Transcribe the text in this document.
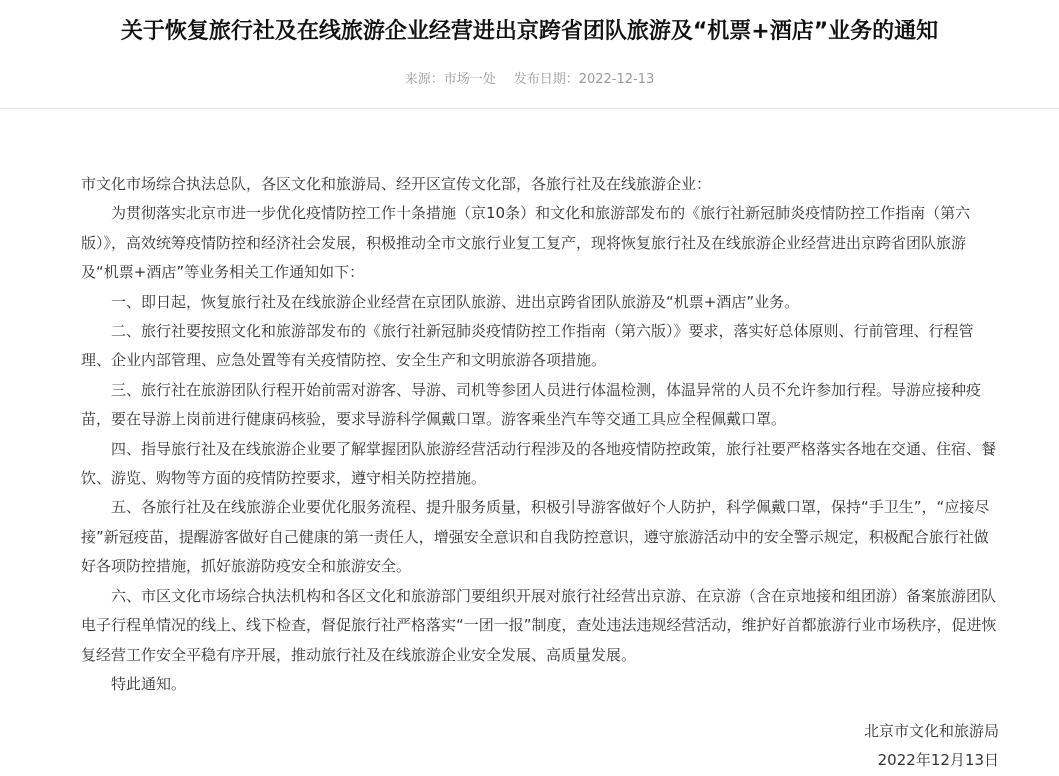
关于恢复旅行社及在线旅游企业经营进出京跨省团队旅游及“机票+酒店”业务的通知
来源：市场一处 发布日期：2022-12-13

市文化市场综合执法总队，各区文化和旅游局、经开区宣传文化部，各旅行社及在线旅游企业：

为贯彻落实北京市进一步优化疫情防控工作十条措施（京10条）和文化和旅游部发布的《旅行社新冠肺炎疫情防控工作指南（第六版）》，高效统筹疫情防控和经济社会发展，积极推动全市文旅行业复工复产，现将恢复旅行社及在线旅游企业经营进出京跨省团队旅游及“机票+酒店”等业务相关工作通知如下：

一、即日起，恢复旅行社及在线旅游企业经营在京团队旅游、进出京跨省团队旅游及“机票+酒店”业务。

二、旅行社要按照文化和旅游部发布的《旅行社新冠肺炎疫情防控工作指南（第六版）》要求，落实好总体原则、行前管理、行程管理、企业内部管理、应急处置等有关疫情防控、安全生产和文明旅游各项措施。

三、旅行社在旅游团队行程开始前需对游客、导游、司机等参团人员进行体温检测，体温异常的人员不允许参加行程。导游应接种疫苗，要在导游上岗前进行健康码核验，要求导游科学佩戴口罩。游客乘坐汽车等交通工具应全程佩戴口罩。

四、指导旅行社及在线旅游企业要了解掌握团队旅游经营活动行程涉及的各地疫情防控政策，旅行社要严格落实各地在交通、住宿、餐饮、游览、购物等方面的疫情防控要求，遵守相关防控措施。

五、各旅行社及在线旅游企业要优化服务流程、提升服务质量，积极引导游客做好个人防护，科学佩戴口罩，保持“手卫生”，“应接尽接”新冠疫苗，提醒游客做好自己健康的第一责任人，增强安全意识和自我防控意识，遵守旅游活动中的安全警示规定，积极配合旅行社做好各项防控措施，抓好旅游防疫安全和旅游安全。

六、市区文化市场综合执法机构和各区文化和旅游部门要组织开展对旅行社经营出京游、在京游（含在京地接和组团游）备案旅游团队电子行程单情况的线上、线下检查，督促旅行社严格落实“一团一报”制度，查处违法违规经营活动，维护好首都旅游行业市场秩序，促进恢复经营工作安全平稳有序开展，推动旅行社及在线旅游企业安全发展、高质量发展。

特此通知。

北京市文化和旅游局

2022年12月13日
